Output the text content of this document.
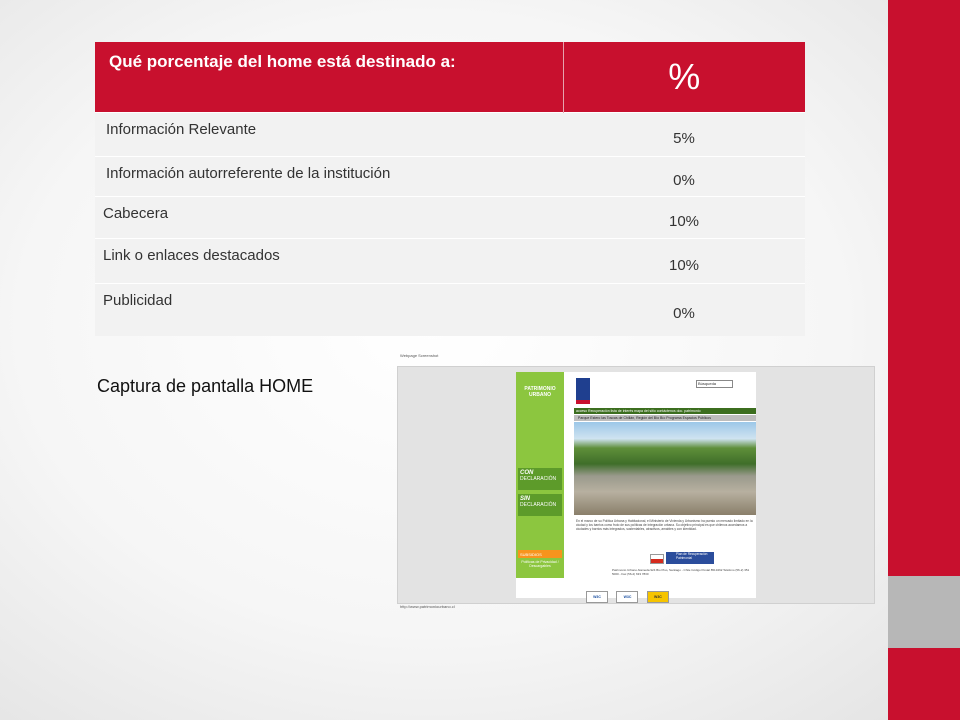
Qué porcentaje del home está destinado a:	%
Información Relevante	5%
Información autorreferente de la institución	0%
Cabecera	10%
Link o enlaces destacados	10%
Publicidad	0%
Captura de pantalla HOME
Webpage Screenshot
PATRIMONIO URBANO
CON
DECLARACIÓN
SIN
DECLARACIÓN
SUBSIDIOS
Políticas de Privacidad / Descargables
Búsqueda
acceso Recuperación lista de interés mapa del sitio contáctenos doc. patrimonio
Parque Estero las Toscas de Chillán, Región del Bío Bío Programa Espacios Públicos
En el marco de su Política Urbana y Habitacional, el Ministerio de Vivienda y Urbanismo ha puesto un mercado limitado en la ciudad y los barrios como fruto de sus políticas de integración urbana. Su objetivo principal es que chilenos accedamos a ciudades y barrios más integrados, sustentables, atractivos, amables y con identidad.
Plan de Recuperación Patrimonial
Patrimonio Urbano Alameda 924 Bío Piso, Santiago - Chile Código Postal 8513462 Teléfono (56-2) 351 5000 - Fax (56-2) 633 7830
W3C	W3C	W3C
http://www.patrimoniourbano.cl
